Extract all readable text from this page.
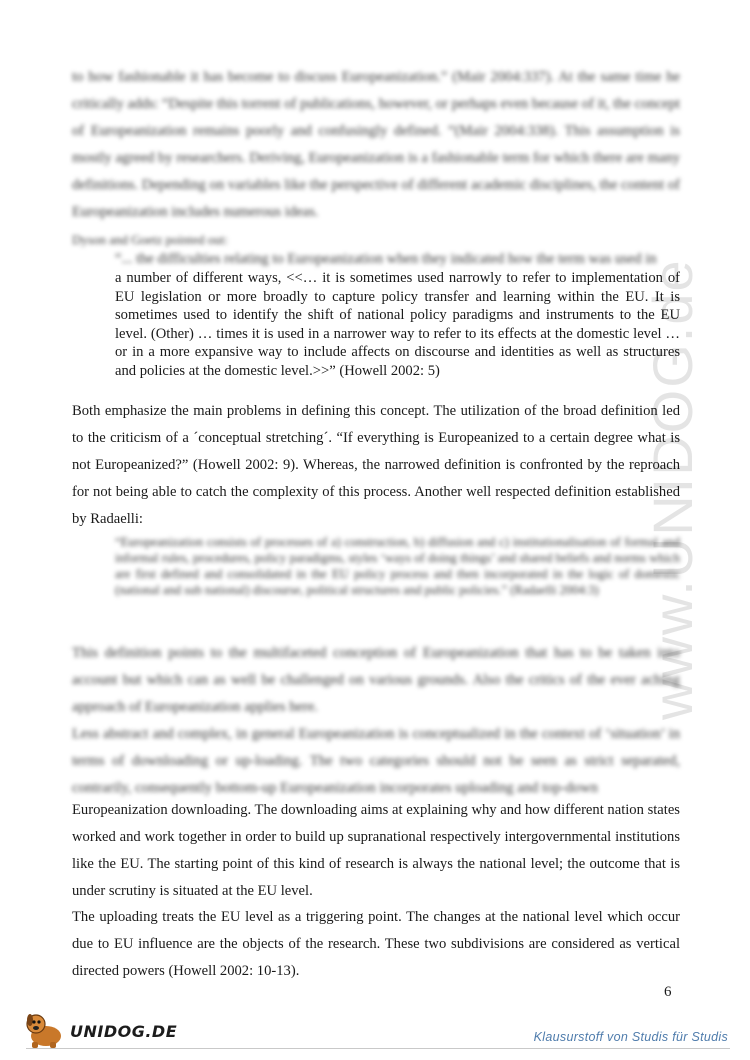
www.UNIDOG.de
to how fashionable it has become to discuss Europeanization.” (Mair 2004:337). At the same time he critically adds: “Despite this torrent of publications, however, or perhaps even because of it, the concept of Europeanization remains poorly and confusingly defined. “(Mair 2004:338). This assumption is mostly agreed by researchers. Deriving, Europeanization is a fashionable term for which there are many definitions. Depending on variables like the perspective of different academic disciplines, the content of Europeanization includes numerous ideas.
Dyson and Goetz pointed out:
“... the difficulties relating to Europeanization when they indicated how the term was used in
a number of different ways, <<… it is sometimes used narrowly to refer to implementation of EU legislation or more broadly to capture policy transfer and learning within the EU. It is sometimes used to identify the shift of national policy paradigms and instruments to the EU level. (Other) … times it is used in a narrower way to refer to its effects at the domestic level … or in a more expansive way to include affects on discourse and identities as well as structures and policies at the domestic level.>>” (Howell 2002: 5)
Both emphasize the main problems in defining this concept. The utilization of the broad definition led to the criticism of a ´conceptual stretching´. “If everything is Europeanized to a certain degree what is not Europeanized?” (Howell 2002: 9). Whereas, the narrowed definition is confronted by the reproach for not being able to catch the complexity of this process. Another well respected definition established by Radaelli:
“Europeanization consists of processes of a) construction, b) diffusion and c) institutionalisation of formal and informal rules, procedures, policy paradigms, styles ‘ways of doing things’ and shared beliefs and norms which are first defined and consolidated in the EU policy process and then incorporated in the logic of domestic (national and sub national) discourse, political structures and public policies.” (Radaelli 2004:3)
This definition points to the multifaceted conception of Europeanization that has to be taken into account but which can as well be challenged on various grounds. Also the critics of the ever aching approach of Europeanization applies here.
Less abstract and complex, in general Europeanization is conceptualized in the context of ‘situation’ in terms of downloading or up-loading. The two categories should not be seen as strict separated, contrarily, consequently bottom-up Europeanization incorporates uploading and top-down
Europeanization downloading. The downloading aims at explaining why and how different nation states worked and work together in order to build up supranational respectively intergovernmental institutions like the EU. The starting point of this kind of research is always the national level; the outcome that is under scrutiny is situated at the EU level.
The uploading treats the EU level as a triggering point. The changes at the national level which occur due to EU influence are the objects of the research. These two subdivisions are considered as vertical directed powers (Howell 2002: 10-13).
6
UNIDOG.DE	Klausurstoff von Studis für Studis
